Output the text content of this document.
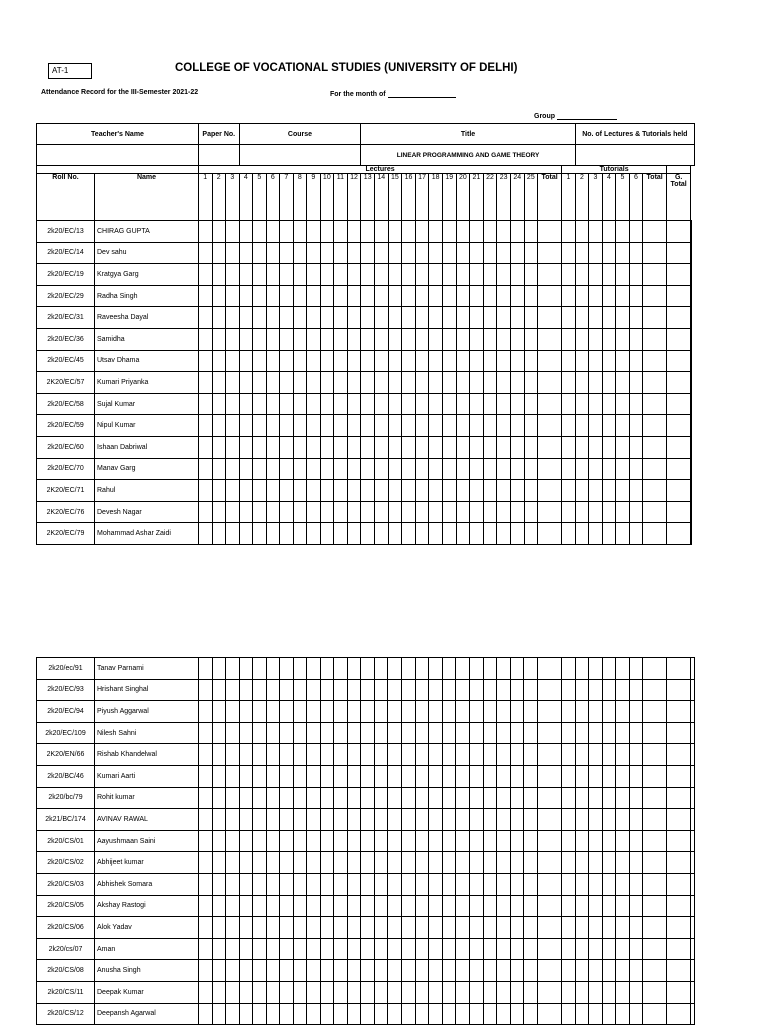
AT-1	COLLEGE OF VOCATIONAL STUDIES (UNIVERSITY OF DELHI)
Attendance Record for the III-Semester 2021-22	For the month of
Group
Teacher's Name		Paper No.			Course									Title															No. of Lectures & Tutorials held							
														LINEAR PROGRAMMING AND GAME THEORY																						
		Lectures																										Tutorials								
Roll No.	Name	1	2	3	4	5	6	7	8	9	10	11	12	13	14	15	16	17	18	19	20	21	22	23	24	25	Total	1	2	3	4	5	6	Total	G.
Total	

2k20/EC/13	CHIRAG GUPTA																																			
2k20/EC/14	Dev sahu																																			
2k20/EC/19	Kratgya Garg																																			
2k20/EC/29	Radha Singh																																			
2k20/EC/31	Raveesha Dayal																																			
2k20/EC/36	Samidha																																			
2k20/EC/45	Utsav Dhama																																			
2K20/EC/57	Kumari Priyanka																																			
2k20/EC/58	Sujal Kumar																																			
2k20/EC/59	Nipul Kumar																																			
2k20/EC/60	Ishaan Dabriwal																																			
2k20/EC/70	Manav Garg																																			
2K20/EC/71	Rahul																																			
2K20/EC/76	Devesh Nagar																																			
2K20/EC/79	Mohammad Ashar Zaidi																																			
2k20/ec/91	Tanav Parnami																																			
2k20/EC/93	Hrishant Singhal																																			
2k20/EC/94	Piyush Aggarwal																																			
2k20/EC/109	Nilesh Sahni																																			
2K20/EN/66	Rishab Khandelwal																																			
2k20/BC/46	Kumari Aarti																																			
2k20/bc/79	Rohit kumar																																			
2k21/BC/174	AVINAV RAWAL																																			
2k20/CS/01	Aayushmaan Saini																																			
2k20/CS/02	Abhijeet kumar																																			
2k20/CS/03	Abhishek Somara																																			
2k20/CS/05	Akshay Rastogi																																			
2k20/CS/06	Alok Yadav																																			
2k20/cs/07	Aman																																			
2k20/CS/08	Anusha Singh																																			
2k20/CS/11	Deepak Kumar																																			
2k20/CS/12	Deepansh Agarwal																																			
